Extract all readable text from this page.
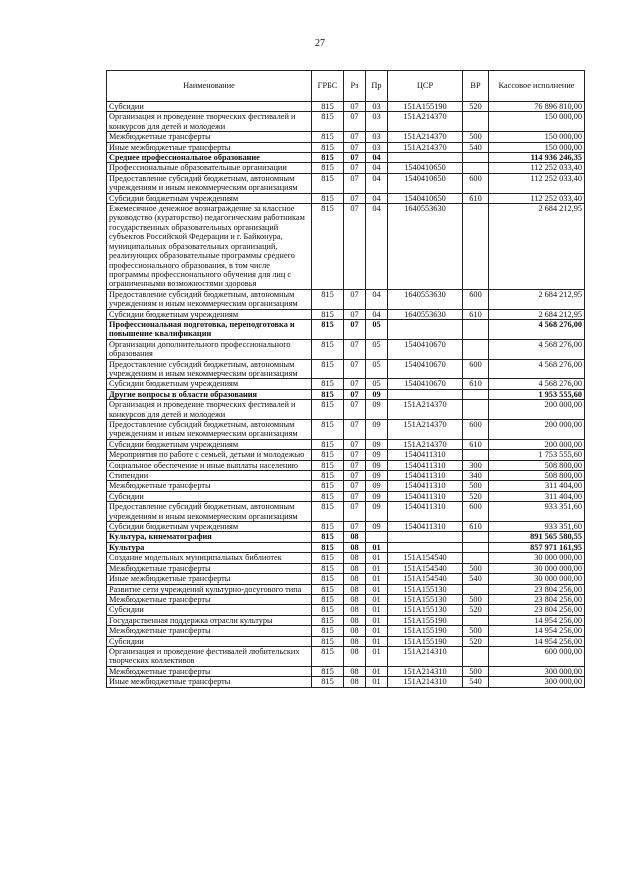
27
Наименование	ГРБС	Рз	Пр	ЦСР	ВР	Кассовое исполнение
Субсидии	815	07	03	151А155190	520	76 896 810,00
Организация и проведение творческих фестивалей и конкурсов для детей и молодежи	815	07	03	151А214370		150 000,00
Межбюджетные трансферты	815	07	03	151А214370	500	150 000,00
Иные межбюджетные трансферты	815	07	03	151А214370	540	150 000,00
Среднее профессиональное образование	815	07	04			114 936 246,35
Профессиональные образовательные организации	815	07	04	1540410650		112 252 033,40
Предоставление субсидий бюджетным, автономным учреждениям и иным некоммерческим организациям	815	07	04	1540410650	600	112 252 033,40
Субсидии бюджетным учреждениям	815	07	04	1540410650	610	112 252 033,40
Ежемесячное денежное вознаграждение за классное руководство (кураторство) педагогическим работникам государственных образовательных организаций субъектов Российской Федерации и г. Байконура, муниципальных образовательных организаций, реализующих образовательные программы среднего профессионального образования, в том числе программы профессионального обучения для лиц с ограниченными возможностями здоровья	815	07	04	1640553630		2 684 212,95
Предоставление субсидий бюджетным, автономным учреждениям и иным некоммерческим организациям	815	07	04	1640553630	600	2 684 212,95
Субсидии бюджетным учреждениям	815	07	04	1640553630	610	2 684 212,95
Профессиональная подготовка, переподготовка и повышение квалификации	815	07	05			4 568 276,00
Организации дополнительного профессионального образования	815	07	05	1540410670		4 568 276,00
Предоставление субсидий бюджетным, автономным учреждениям и иным некоммерческим организациям	815	07	05	1540410670	600	4 568 276,00
Субсидии бюджетным учреждениям	815	07	05	1540410670	610	4 568 276,00
Другие вопросы в области образования	815	07	09			1 953 555,60
Организация и проведение творческих фестивалей и конкурсов для детей и молодежи	815	07	09	151А214370		200 000,00
Предоставление субсидий бюджетным, автономным учреждениям и иным некоммерческим организациям	815	07	09	151А214370	600	200 000,00
Субсидии бюджетным учреждениям	815	07	09	151А214370	610	200 000,00
Мероприятия по работе с семьей, детьми и молодежью	815	07	09	1540411310		1 753 555,60
Социальное обеспечение и иные выплаты населению	815	07	09	1540411310	300	508 800,00
Стипендии	815	07	09	1540411310	340	508 800,00
Межбюджетные трансферты	815	07	09	1540411310	500	311 404,00
Субсидии	815	07	09	1540411310	520	311 404,00
Предоставление субсидий бюджетным, автономным учреждениям и иным некоммерческим организациям	815	07	09	1540411310	600	933 351,60
Субсидии бюджетным учреждениям	815	07	09	1540411310	610	933 351,60
Культура, кинематография	815	08				891 565 580,55
Культура	815	08	01			857 971 161,95
Создание модельных муниципальных библиотек	815	08	01	151А154540		30 000 000,00
Межбюджетные трансферты	815	08	01	151А154540	500	30 000 000,00
Иные межбюджетные трансферты	815	08	01	151А154540	540	30 000 000,00
Развитие сети учреждений культурно-досугового типа	815	08	01	151А155130		23 804 256,00
Межбюджетные трансферты	815	08	01	151А155130	500	23 804 256,00
Субсидии	815	08	01	151А155130	520	23 804 256,00
Государственная поддержка отрасли культуры	815	08	01	151А155190		14 954 256,00
Межбюджетные трансферты	815	08	01	151А155190	500	14 954 256,00
Субсидии	815	08	01	151А155190	520	14 954 256,00
Организация и проведение фестивалей любительских творческих коллективов	815	08	01	151А214310		600 000,00
Межбюджетные трансферты	815	08	01	151А214310	500	300 000,00
Иные межбюджетные трансферты	815	08	01	151А214310	540	300 000,00
